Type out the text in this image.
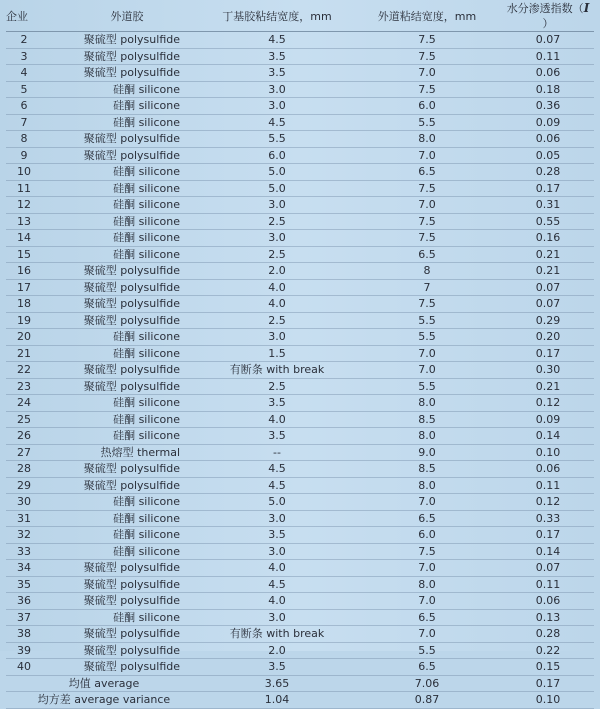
企业	外道胶	丁基胶粘结宽度，mm	外道粘结宽度，mm	水分渗透指数（I）
2	聚硫型 polysulfide	4.5	7.5	0.07
3	聚硫型 polysulfide	3.5	7.5	0.11
4	聚硫型 polysulfide	3.5	7.0	0.06
5	硅酮 silicone	3.0	7.5	0.18
6	硅酮 silicone	3.0	6.0	0.36
7	硅酮 silicone	4.5	5.5	0.09
8	聚硫型 polysulfide	5.5	8.0	0.06
9	聚硫型 polysulfide	6.0	7.0	0.05
10	硅酮 silicone	5.0	6.5	0.28
11	硅酮 silicone	5.0	7.5	0.17
12	硅酮 silicone	3.0	7.0	0.31
13	硅酮 silicone	2.5	7.5	0.55
14	硅酮 silicone	3.0	7.5	0.16
15	硅酮 silicone	2.5	6.5	0.21
16	聚硫型 polysulfide	2.0	8	0.21
17	聚硫型 polysulfide	4.0	7	0.07
18	聚硫型 polysulfide	4.0	7.5	0.07
19	聚硫型 polysulfide	2.5	5.5	0.29
20	硅酮 silicone	3.0	5.5	0.20
21	硅酮 silicone	1.5	7.0	0.17
22	聚硫型 polysulfide	有断条 with break	7.0	0.30
23	聚硫型 polysulfide	2.5	5.5	0.21
24	硅酮 silicone	3.5	8.0	0.12
25	硅酮 silicone	4.0	8.5	0.09
26	硅酮 silicone	3.5	8.0	0.14
27	热熔型 thermal	--	9.0	0.10
28	聚硫型 polysulfide	4.5	8.5	0.06
29	聚硫型 polysulfide	4.5	8.0	0.11
30	硅酮 silicone	5.0	7.0	0.12
31	硅酮 silicone	3.0	6.5	0.33
32	硅酮 silicone	3.5	6.0	0.17
33	硅酮 silicone	3.0	7.5	0.14
34	聚硫型 polysulfide	4.0	7.0	0.07
35	聚硫型 polysulfide	4.5	8.0	0.11
36	聚硫型 polysulfide	4.0	7.0	0.06
37	硅酮 silicone	3.0	6.5	0.13
38	聚硫型 polysulfide	有断条 with break	7.0	0.28
39	聚硫型 polysulfide	2.0	5.5	0.22
40	聚硫型 polysulfide	3.5	6.5	0.15
均值 average		3.65	7.06	0.17
均方差 average variance		1.04	0.87	0.10
